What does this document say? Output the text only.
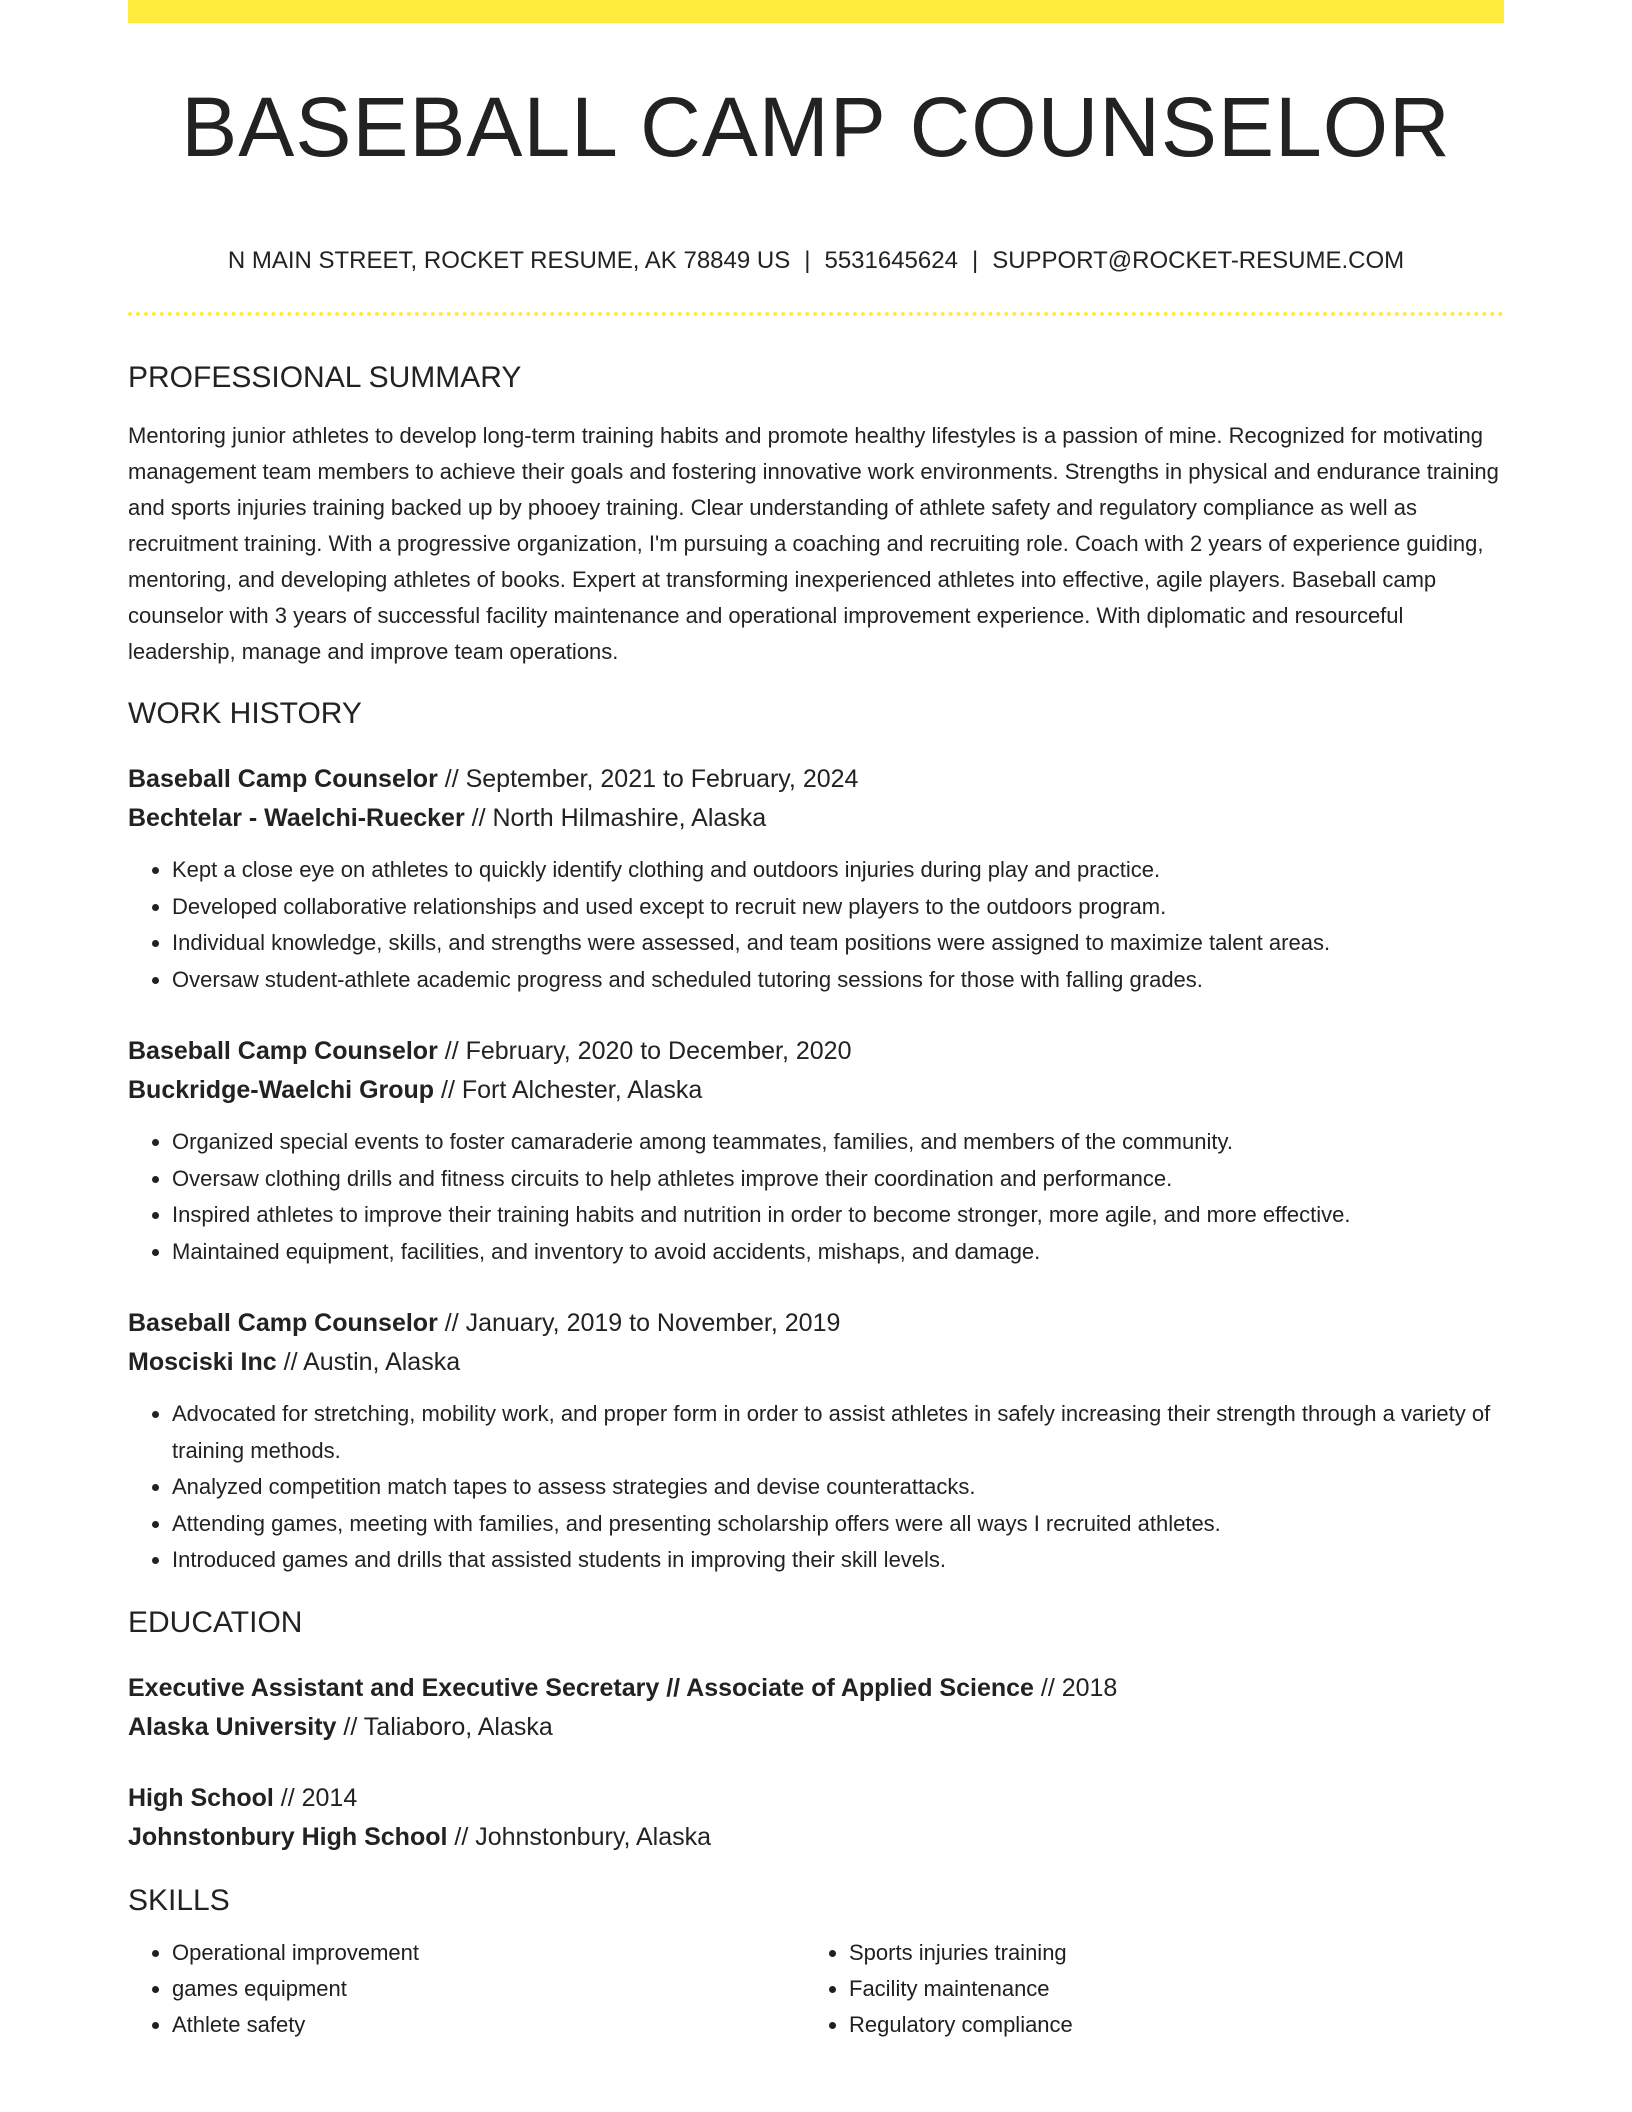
BASEBALL CAMP COUNSELOR
N MAIN STREET, ROCKET RESUME, AK 78849 US | 5531645624 | SUPPORT@ROCKET-RESUME.COM
PROFESSIONAL SUMMARY
Mentoring junior athletes to develop long-term training habits and promote healthy lifestyles is a passion of mine. Recognized for motivating management team members to achieve their goals and fostering innovative work environments. Strengths in physical and endurance training and sports injuries training backed up by phooey training. Clear understanding of athlete safety and regulatory compliance as well as recruitment training. With a progressive organization, I'm pursuing a coaching and recruiting role. Coach with 2 years of experience guiding, mentoring, and developing athletes of books. Expert at transforming inexperienced athletes into effective, agile players. Baseball camp counselor with 3 years of successful facility maintenance and operational improvement experience. With diplomatic and resourceful leadership, manage and improve team operations.
WORK HISTORY
Baseball Camp Counselor // September, 2021 to February, 2024
Bechtelar - Waelchi-Ruecker // North Hilmashire, Alaska
• Kept a close eye on athletes to quickly identify clothing and outdoors injuries during play and practice.
• Developed collaborative relationships and used except to recruit new players to the outdoors program.
• Individual knowledge, skills, and strengths were assessed, and team positions were assigned to maximize talent areas.
• Oversaw student-athlete academic progress and scheduled tutoring sessions for those with falling grades.
Baseball Camp Counselor // February, 2020 to December, 2020
Buckridge-Waelchi Group // Fort Alchester, Alaska
• Organized special events to foster camaraderie among teammates, families, and members of the community.
• Oversaw clothing drills and fitness circuits to help athletes improve their coordination and performance.
• Inspired athletes to improve their training habits and nutrition in order to become stronger, more agile, and more effective.
• Maintained equipment, facilities, and inventory to avoid accidents, mishaps, and damage.
Baseball Camp Counselor // January, 2019 to November, 2019
Mosciski Inc // Austin, Alaska
• Advocated for stretching, mobility work, and proper form in order to assist athletes in safely increasing their strength through a variety of training methods.
• Analyzed competition match tapes to assess strategies and devise counterattacks.
• Attending games, meeting with families, and presenting scholarship offers were all ways I recruited athletes.
• Introduced games and drills that assisted students in improving their skill levels.
EDUCATION
Executive Assistant and Executive Secretary // Associate of Applied Science // 2018
Alaska University // Taliaboro, Alaska
High School // 2014
Johnstonbury High School // Johnstonbury, Alaska
SKILLS
• Operational improvement
• games equipment
• Athlete safety
• Sports injuries training
• Facility maintenance
• Regulatory compliance
